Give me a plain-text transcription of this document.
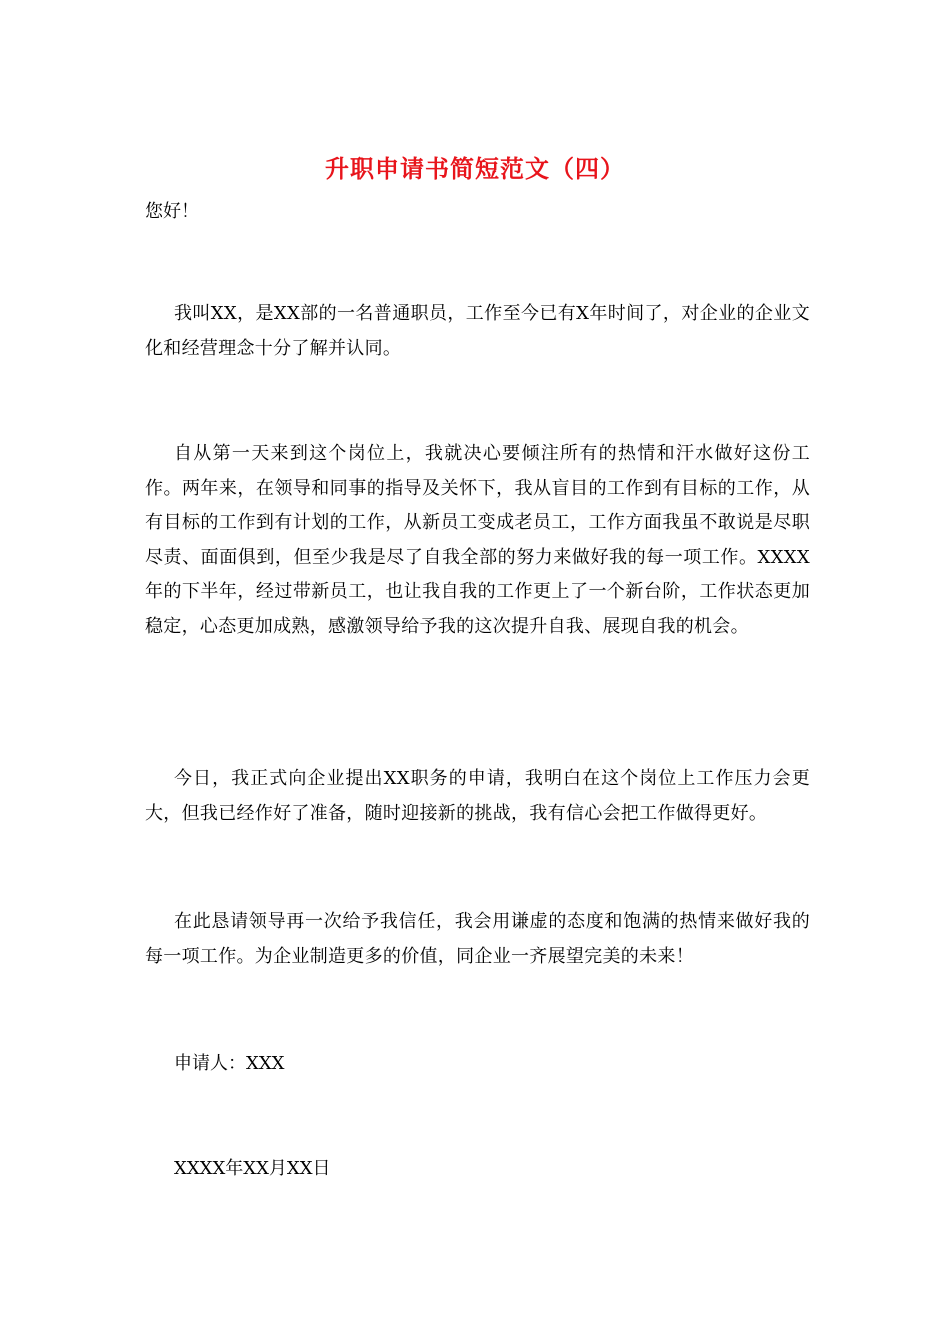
升职申请书简短范文（四）
您好！
我叫XX，是XX部的一名普通职员，工作至今已有X年时间了，对企业的企业文化和经营理念十分了解并认同。
自从第一天来到这个岗位上，我就决心要倾注所有的热情和汗水做好这份工作。两年来，在领导和同事的指导及关怀下，我从盲目的工作到有目标的工作，从有目标的工作到有计划的工作，从新员工变成老员工，工作方面我虽不敢说是尽职尽责、面面俱到，但至少我是尽了自我全部的努力来做好我的每一项工作。XXXX年的下半年，经过带新员工，也让我自我的工作更上了一个新台阶，工作状态更加稳定，心态更加成熟，感激领导给予我的这次提升自我、展现自我的机会。
今日，我正式向企业提出XX职务的申请，我明白在这个岗位上工作压力会更大，但我已经作好了准备，随时迎接新的挑战，我有信心会把工作做得更好。
在此恳请领导再一次给予我信任，我会用谦虚的态度和饱满的热情来做好我的每一项工作。为企业制造更多的价值，同企业一齐展望完美的未来！
申请人：XXX
XXXX年XX月XX日
